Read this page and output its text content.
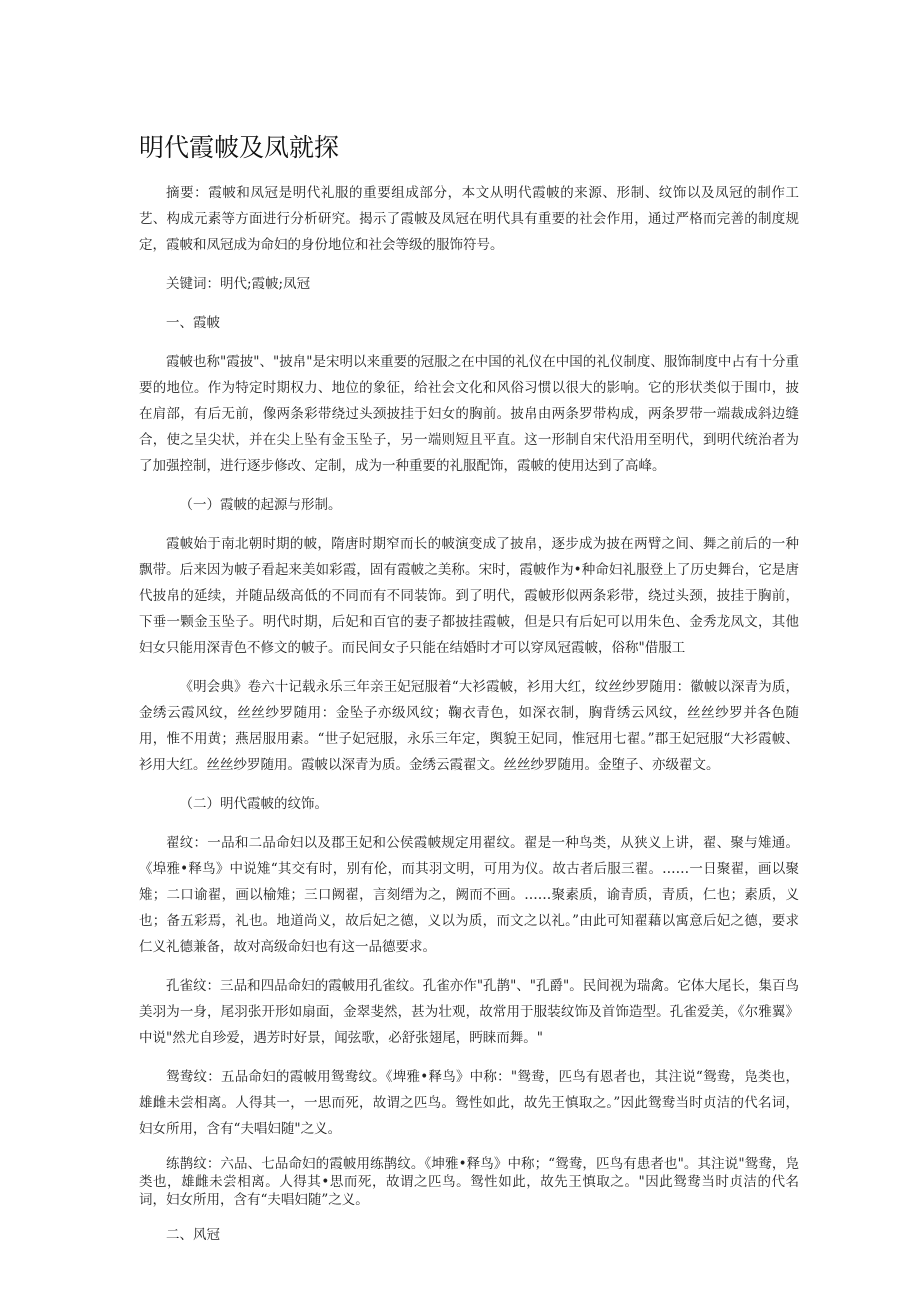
明代霞帔及凤就探

摘要：霞帔和凤冠是明代礼服的重要组成部分，本文从明代霞帔的来源、形制、纹饰以及凤冠的制作工艺、构成元素等方面进行分析研究。揭示了霞帔及凤冠在明代具有重要的社会作用，通过严格而完善的制度规定，霞帔和凤冠成为命妇的身份地位和社会等级的服饰符号。

关键词：明代;霞帔;凤冠

一、霞帔

霞帔也称"霞披"、"披帛"是宋明以来重要的冠服之在中国的礼仪在中国的礼仪制度、服饰制度中占有十分重要的地位。作为特定时期权力、地位的象征，给社会文化和风俗习惯以很大的影响。它的形状类似于围巾，披在肩部，有后无前，像两条彩带绕过头颈披挂于妇女的胸前。披帛由两条罗带构成，两条罗带一端裁成斜边缝合，使之呈尖状，并在尖上坠有金玉坠子，另一端则短且平直。这一形制自宋代沿用至明代，到明代统治者为了加强控制，进行逐步修改、定制，成为一种重要的礼服配饰，霞帔的使用达到了高峰。

（一）霞帔的起源与形制。

霞帔始于南北朝时期的帔，隋唐时期窄而长的帔演变成了披帛，逐步成为披在两臂之间、舞之前后的一种飘带。后来因为帔子看起来美如彩霞，固有霞帔之美称。宋时，霞帔作为•种命妇礼服登上了历史舞台，它是唐代披帛的延续，并随品级高低的不同而有不同装饰。到了明代，霞帔形似两条彩带，绕过头颈，披挂于胸前，下垂一颗金玉坠子。明代时期，后妃和百官的妻子都披挂霞帔，但是只有后妃可以用朱色、金秀龙凤文，其他妇女只能用深青色不修文的帔子。而民间女子只能在结婚时才可以穿凤冠霞帔，俗称"借服工

《明会典》卷六十记载永乐三年亲王妃冠服着“大衫霞帔，衫用大红，纹丝纱罗随用：徽帔以深青为质，金绣云霞风纹，丝丝纱罗随用：金坠子亦级风纹；鞠衣青色，如深衣制，胸背绣云风纹，丝丝纱罗并各色随用，惟不用黄；燕居服用素。“世子妃冠服，永乐三年定，舆貌王妃同，惟冠用七翟。”郡王妃冠服“大衫霞帔、衫用大红。丝丝纱罗随用。霞帔以深青为质。金绣云霞翟文。丝丝纱罗随用。金堕子、亦级翟文。

（二）明代霞帔的纹饰。

翟纹：一品和二品命妇以及郡王妃和公侯霞帔规定用翟纹。翟是一种鸟类，从狭义上讲，翟、聚与雉通。《埠雅•释鸟》中说雉“其交有时，别有伦，而其羽文明，可用为仪。故古者后服三翟。……一日聚翟，画以聚雉；二口谕翟，画以榆雉；三口阙翟，言刻缙为之，阙而不画。……聚素质，谕青质，青质，仁也；素质，义也；备五彩焉，礼也。地道尚义，故后妃之德，义以为质，而文之以礼。”由此可知翟藉以寓意后妃之德，要求仁义礼德兼备，故对高级命妇也有这一品德要求。

孔雀纹：三品和四品命妇的霞帔用孔雀纹。孔雀亦作"孔鹊"、"孔爵"。民间视为瑞禽。它体大尾长，集百鸟美羽为一身，尾羽张开形如扇面，金翠斐然，甚为壮观，故常用于服装纹饰及首饰造型。孔雀爱美，《尔雅翼》中说"然尤自珍爱，遇芳时好景，闻弦歌，必舒张翅尾，眄睐而舞。"

鸳鸯纹：五品命妇的霞帔用鸳鸯纹。《埤雅•释鸟》中称："鸳鸯，匹鸟有恩者也，其注说“鸳鸯，凫类也，雄雌未尝相离。人得其一，一思而死，故谓之匹鸟。鸳性如此，故先王慎取之。”因此鸳鸯当时贞洁的代名词，妇女所用，含有“夫唱妇随"之义。

练鹊纹：六品、七品命妇的霞帔用练鹊纹。《坤雅•释鸟》中称；“鸳鸯，匹鸟有患者也"。其注说"鸳鸯，凫类也，雄雌未尝相离。人得其•思而死，故谓之匹鸟。鸳性如此，故先王慎取之。"因此鸳鸯当时贞洁的代名词，妇女所用，含有“夫唱妇随”之义。

二、风冠
